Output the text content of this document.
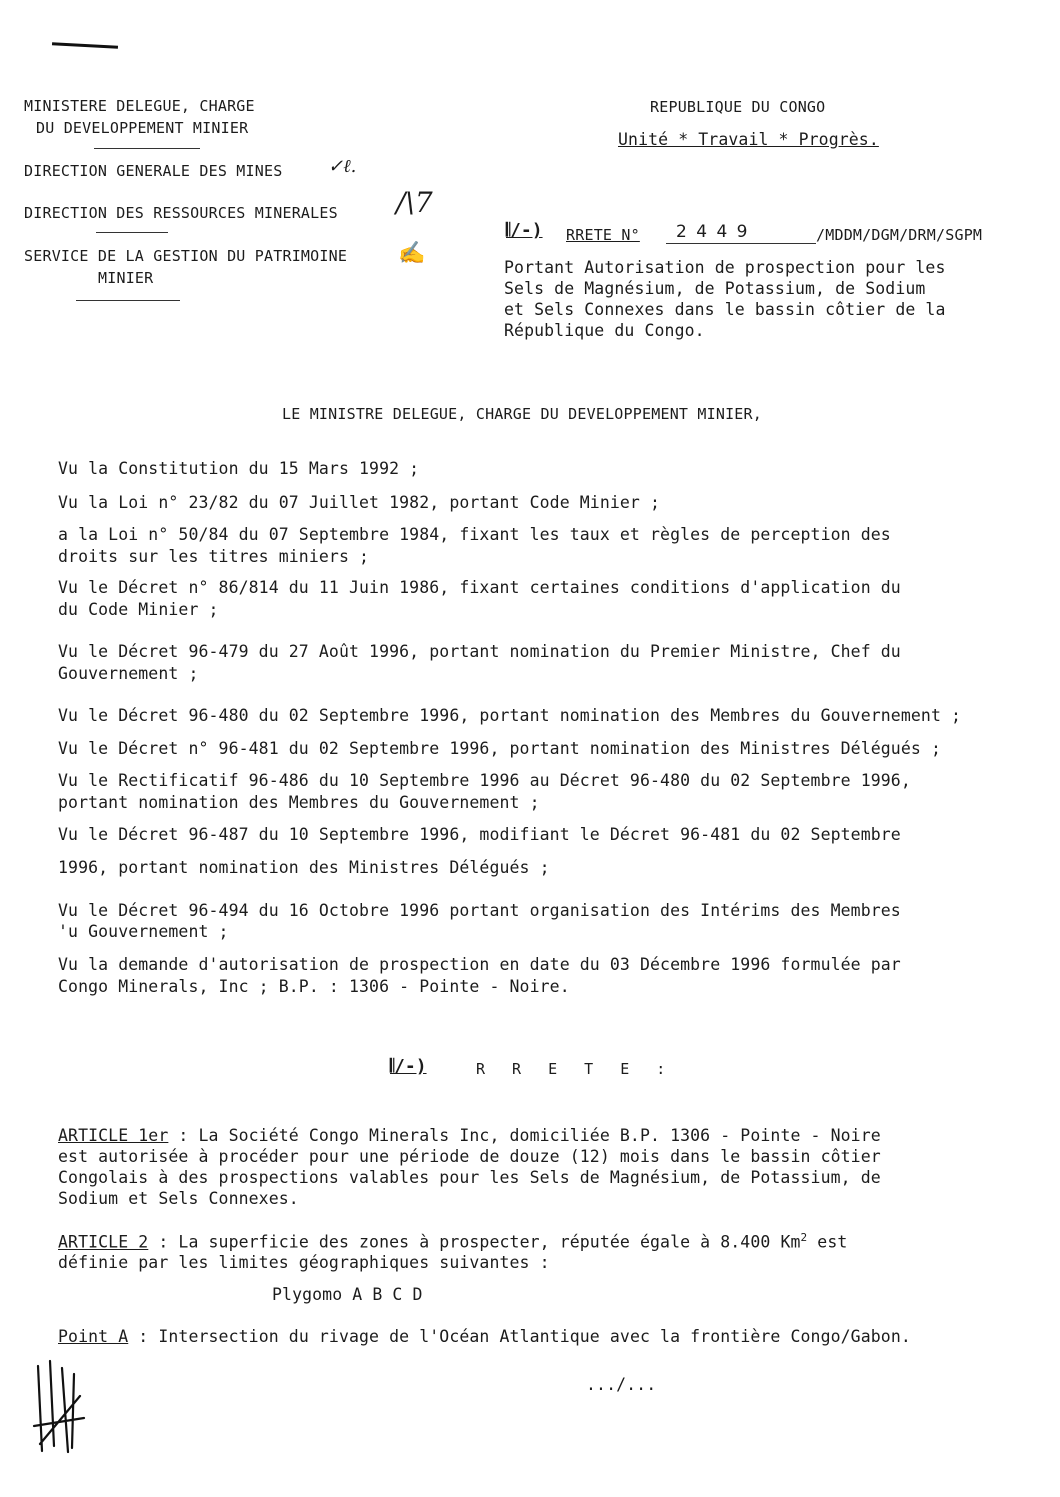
MINISTERE DELEGUE, CHARGE
DU DEVELOPPEMENT MINIER
DIRECTION GENERALE DES MINES	✓ℓ.
DIRECTION DES RESSOURCES MINERALES /\7
SERVICE DE LA GESTION DU PATRIMOINE ✍
MINIER
REPUBLIQUE DU CONGO
Unité * Travail * Progrès.
𝄃/-) RRETE N° 2 4 4 9	/MDDM/DGM/DRM/SGPM
Portant Autorisation de prospection pour les
Sels de Magnésium, de Potassium, de Sodium
et Sels Connexes dans le bassin côtier de la
République du Congo.
LE MINISTRE DELEGUE, CHARGE DU DEVELOPPEMENT MINIER,
Vu la Constitution du 15 Mars 1992 ;
Vu la Loi n° 23/82 du 07 Juillet 1982, portant Code Minier ;
a la Loi n° 50/84 du 07 Septembre 1984, fixant les taux et règles de perception des
droits sur les titres miniers ;
Vu le Décret n° 86/814 du 11 Juin 1986, fixant certaines conditions d'application du
du Code Minier ;
Vu le Décret 96-479 du 27 Août 1996, portant nomination du Premier Ministre, Chef du
Gouvernement ;
Vu le Décret 96-480 du 02 Septembre 1996, portant nomination des Membres du Gouvernement ;
Vu le Décret n° 96-481 du 02 Septembre 1996, portant nomination des Ministres Délégués ;
Vu le Rectificatif 96-486 du 10 Septembre 1996 au Décret 96-480 du 02 Septembre 1996,
portant nomination des Membres du Gouvernement ;
Vu le Décret 96-487 du 10 Septembre 1996, modifiant le Décret 96-481 du 02 Septembre
1996, portant nomination des Ministres Délégués ;
Vu le Décret 96-494 du 16 Octobre 1996 portant organisation des Intérims des Membres
'u Gouvernement ;
Vu la demande d'autorisation de prospection en date du 03 Décembre 1996 formulée par
Congo Minerals, Inc ; B.P. : 1306 - Pointe - Noire.
𝄃/-)	R R E T E :
ARTICLE 1er : La Société Congo Minerals Inc, domiciliée B.P. 1306 - Pointe - Noire
est autorisée à procéder pour une période de douze (12) mois dans le bassin côtier
Congolais à des prospections valables pour les Sels de Magnésium, de Potassium, de
Sodium et Sels Connexes.
ARTICLE 2 : La superficie des zones à prospecter, réputée égale à 8.400 Km$^2$ est
définie par les limites géographiques suivantes :
Plygomo A B C D
Point A : Intersection du rivage de l'Océan Atlantique avec la frontière Congo/Gabon.
.../...
